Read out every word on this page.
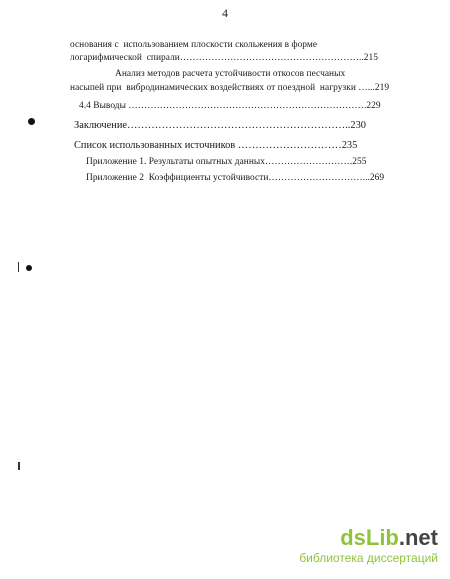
4
основания с  использованием плоскости скольжения в форме
логарифмической  спирали…………………………………………………..215
Анализ методов расчета устойчивости откосов песчаных
насыпей при  вибродинамических воздействиях от поездной  нагрузки …...219
4.4 Выводы ………………………………………………………………….229
Заключение………………………………………………………..230
Список использованных источников …………………………235
Приложение 1. Результаты опытных данных……………………….255
Приложение 2  Коэффициенты устойчивости…………………………...269
dsLib.net
библиотека диссертаций
